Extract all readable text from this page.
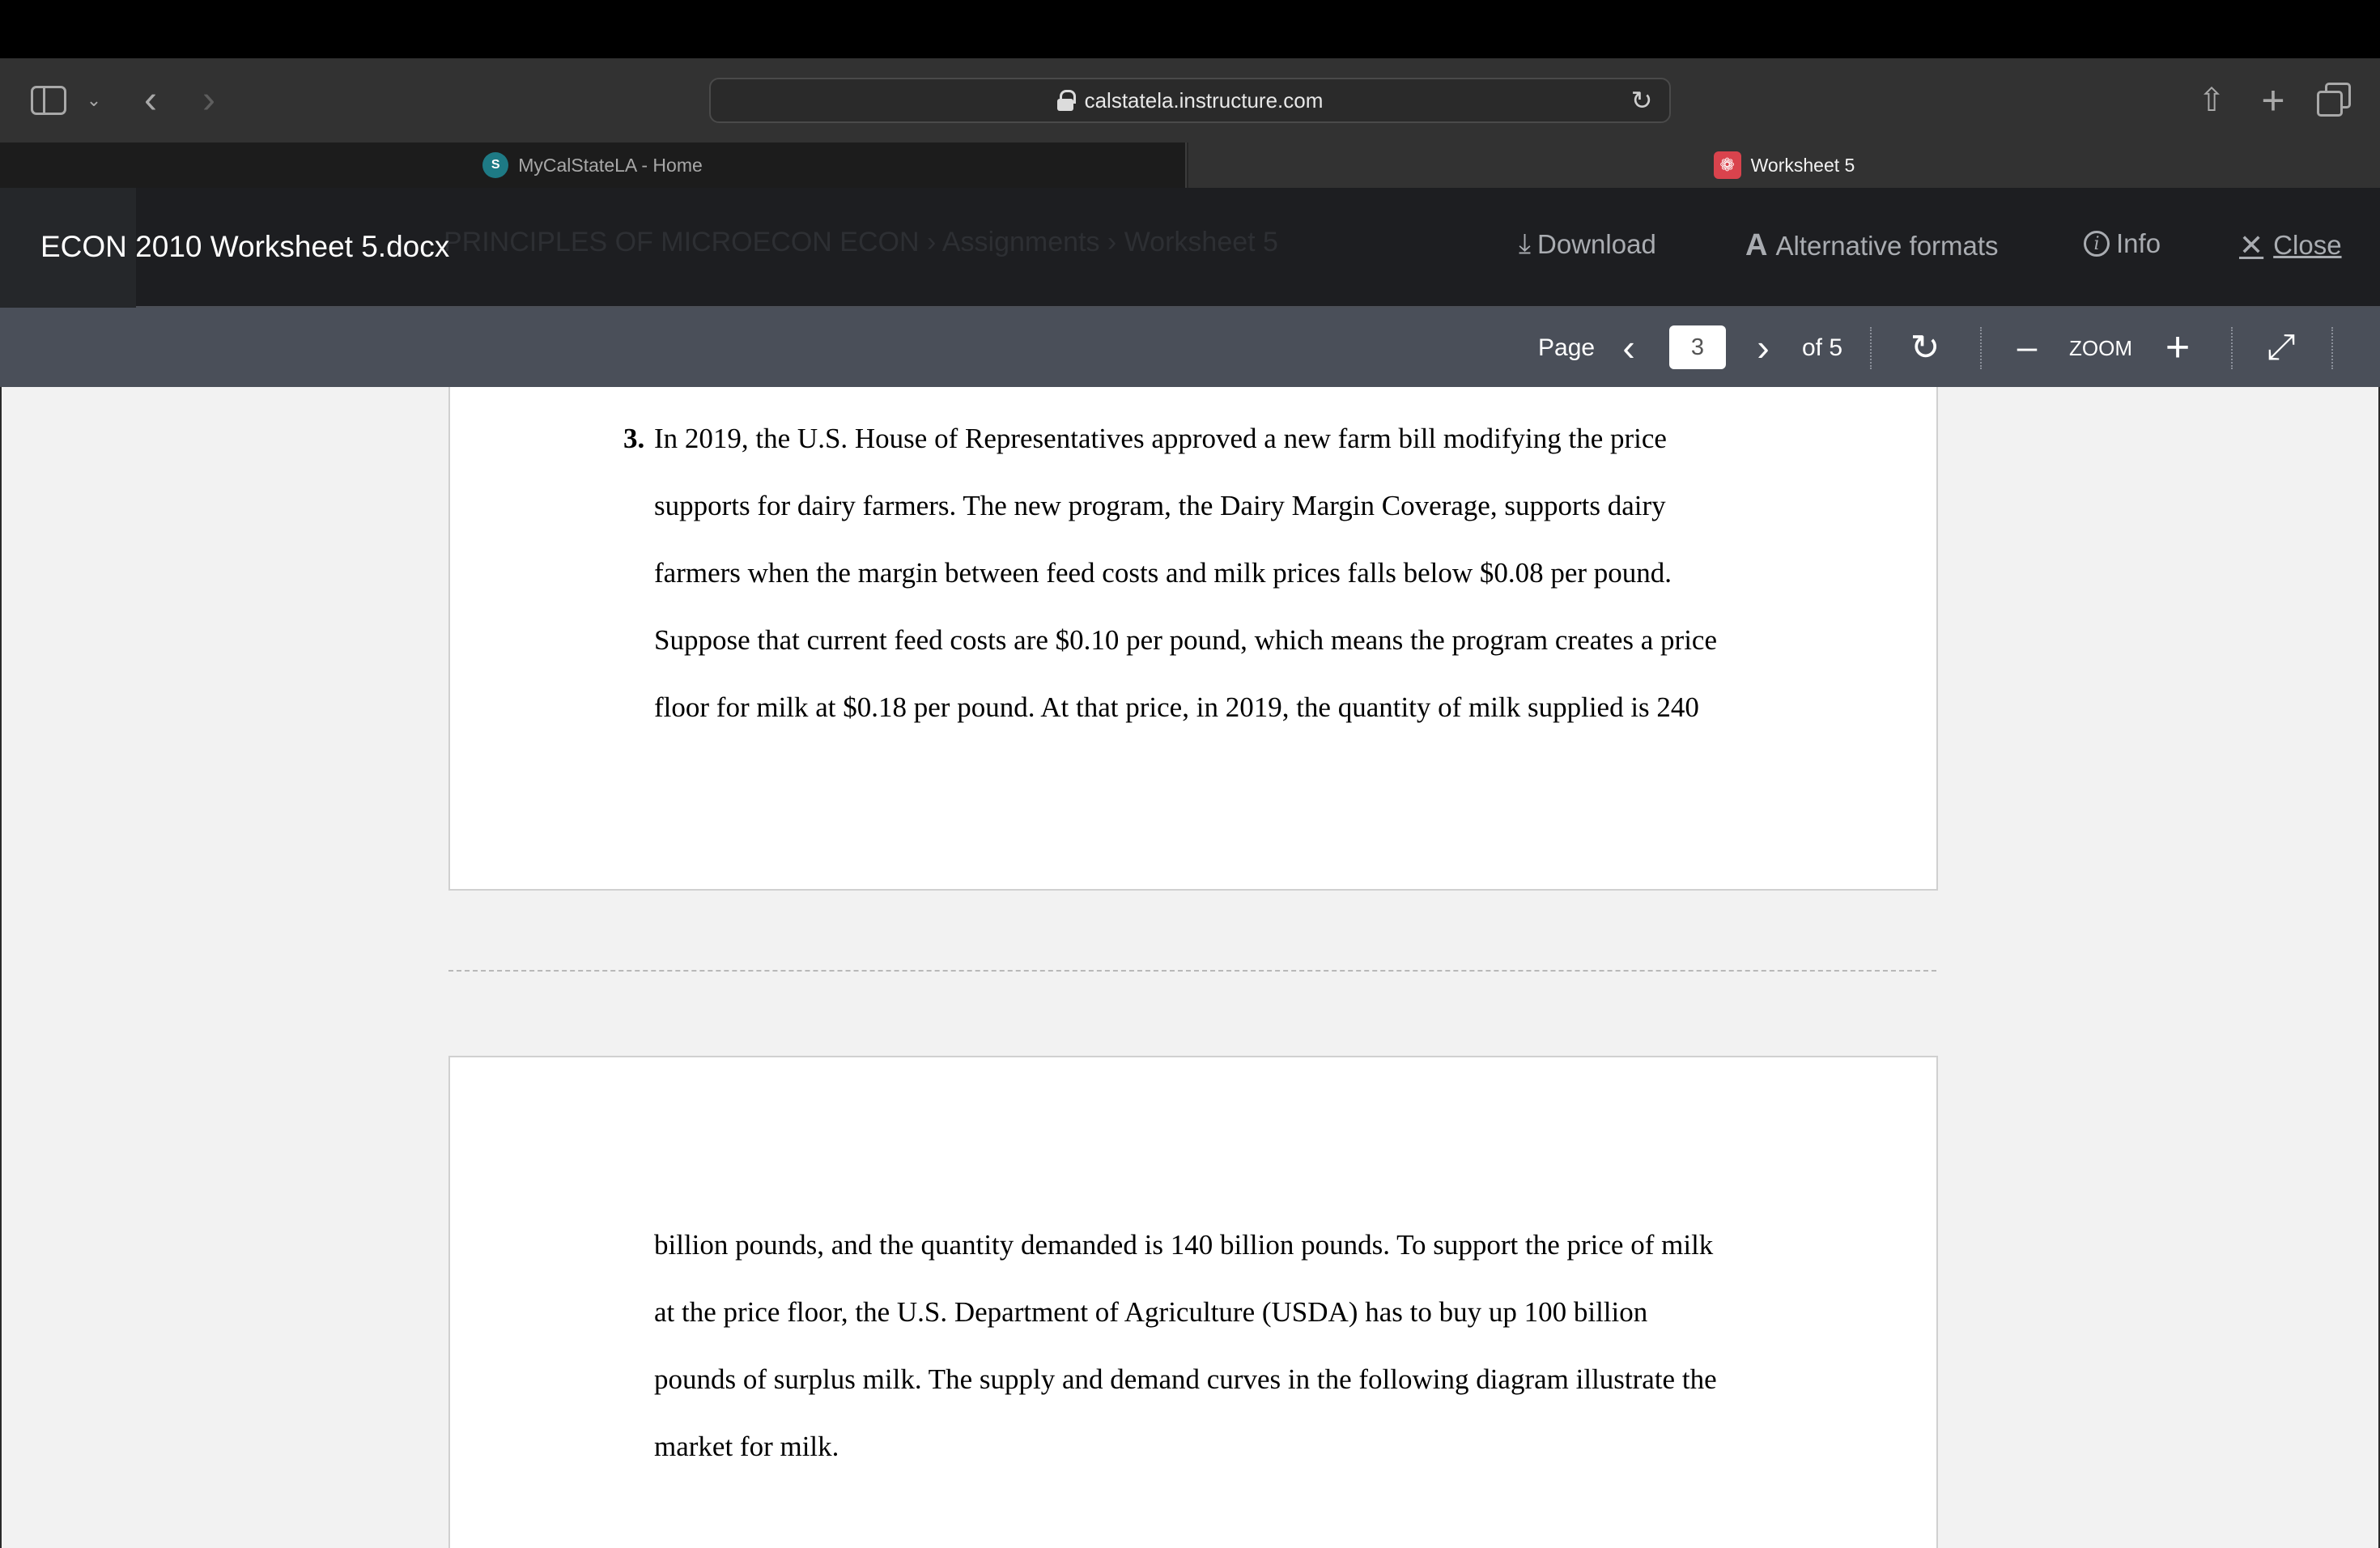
⌄ ‹ ›	calstatela.instructure.com	↻	⇧ +
S MyCalStateLA - Home	❁ Worksheet 5
PRINCIPLES OF MICROECON ECON › Assignments › Worksheet 5
ECON 2010 Worksheet 5.docx	⤓ Download	A Alternative formats	i Info	✕ Close
Page ‹
3	›	of 5 ↻ – ZOOM + ⤢
3. In 2019, the U.S. House of Representatives approved a new farm bill modifying the price
supports for dairy farmers. The new program, the Dairy Margin Coverage, supports dairy
farmers when the margin between feed costs and milk prices falls below $0.08 per pound.
Suppose that current feed costs are $0.10 per pound, which means the program creates a price
floor for milk at $0.18 per pound. At that price, in 2019, the quantity of milk supplied is 240
billion pounds, and the quantity demanded is 140 billion pounds. To support the price of milk
at the price floor, the U.S. Department of Agriculture (USDA) has to buy up 100 billion
pounds of surplus milk. The supply and demand curves in the following diagram illustrate the
market for milk.
